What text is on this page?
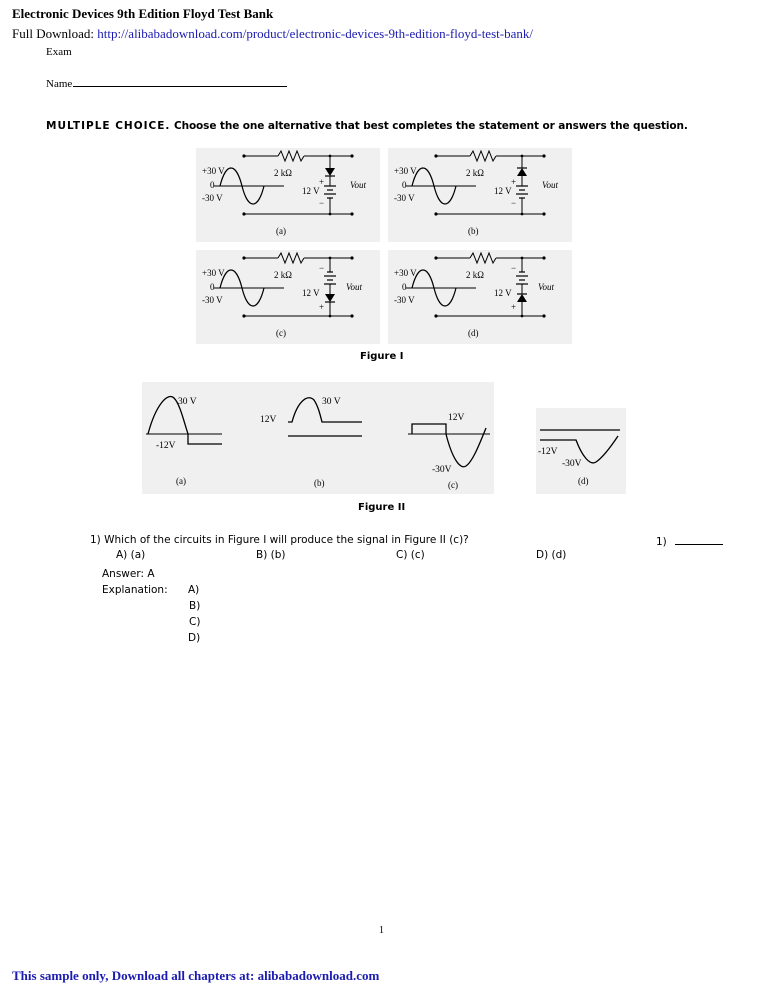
Electronic Devices 9th Edition Floyd Test Bank
Full Download: http://alibabadownload.com/product/electronic-devices-9th-edition-floyd-test-bank/
Exam
Name
MULTIPLE CHOICE. Choose the one alternative that best completes the statement or answers the question.
+30 V
0
-30 V
2 kΩ
12 V
+
−
Vout
(a)
+30 V
0
-30 V
2 kΩ
12 V
+
−
Vout
(b)
+30 V
0
-30 V
2 kΩ
12 V
−
+
Vout
(c)
+30 V
0
-30 V
2 kΩ
12 V
−
+
Vout
(d)
Figure I
30 V
-12V
(a)
30 V
12V
(b)
12V
-30V
(c)
-12V
-30V
(d)
Figure II
1) Which of the circuits in Figure I will produce the signal in Figure II (c)?	1)
A) (a)	B) (b)	C) (c)	D) (d)
Answer: A
Explanation: A)
B)
C)
D)
1
This sample only, Download all chapters at: alibabadownload.com
